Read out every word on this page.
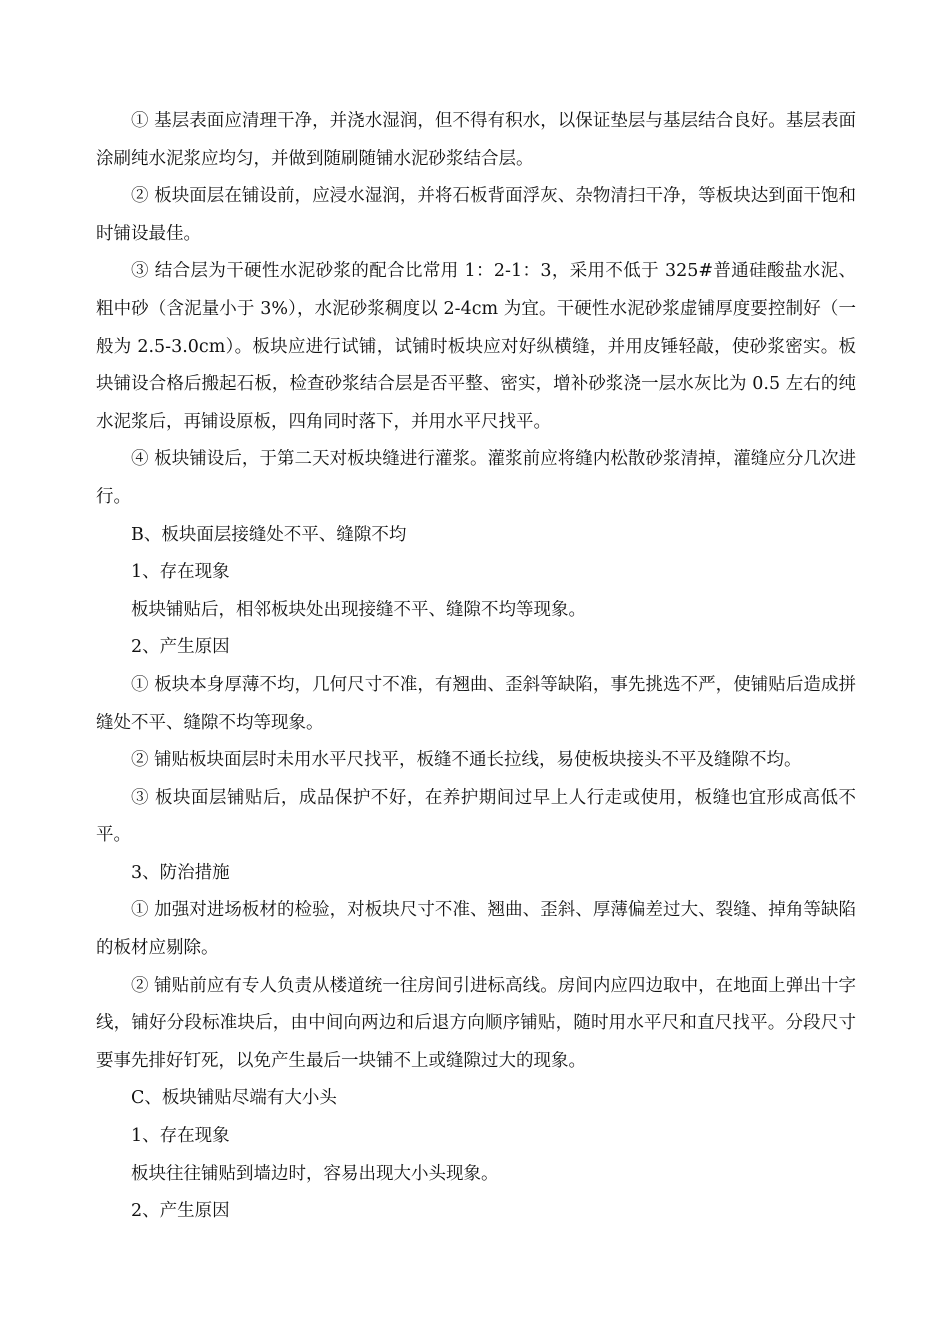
① 基层表面应清理干净，并浇水湿润，但不得有积水，以保证垫层与基层结合良好。基层表面涂刷纯水泥浆应均匀，并做到随刷随铺水泥砂浆结合层。

② 板块面层在铺设前，应浸水湿润，并将石板背面浮灰、杂物清扫干净，等板块达到面干饱和时铺设最佳。

③ 结合层为干硬性水泥砂浆的配合比常用 1：2-1：3，采用不低于 325#普通硅酸盐水泥、粗中砂（含泥量小于 3%），水泥砂浆稠度以 2-4cm 为宜。干硬性水泥砂浆虚铺厚度要控制好（一般为 2.5-3.0cm）。板块应进行试铺，试铺时板块应对好纵横缝，并用皮锤轻敲，使砂浆密实。板块铺设合格后搬起石板，检查砂浆结合层是否平整、密实，增补砂浆浇一层水灰比为 0.5 左右的纯水泥浆后，再铺设原板，四角同时落下，并用水平尺找平。

④ 板块铺设后，于第二天对板块缝进行灌浆。灌浆前应将缝内松散砂浆清掉，灌缝应分几次进行。

B、板块面层接缝处不平、缝隙不均

1、存在现象

板块铺贴后，相邻板块处出现接缝不平、缝隙不均等现象。

2、产生原因

① 板块本身厚薄不均，几何尺寸不准，有翘曲、歪斜等缺陷，事先挑选不严，使铺贴后造成拼缝处不平、缝隙不均等现象。

② 铺贴板块面层时未用水平尺找平，板缝不通长拉线，易使板块接头不平及缝隙不均。

③ 板块面层铺贴后，成品保护不好，在养护期间过早上人行走或使用，板缝也宜形成高低不平。

3、防治措施

① 加强对进场板材的检验，对板块尺寸不准、翘曲、歪斜、厚薄偏差过大、裂缝、掉角等缺陷的板材应剔除。

② 铺贴前应有专人负责从楼道统一往房间引进标高线。房间内应四边取中，在地面上弹出十字线，铺好分段标准块后，由中间向两边和后退方向顺序铺贴，随时用水平尺和直尺找平。分段尺寸要事先排好钉死，以免产生最后一块铺不上或缝隙过大的现象。

C、板块铺贴尽端有大小头

1、存在现象

板块往往铺贴到墙边时，容易出现大小头现象。

2、产生原因
